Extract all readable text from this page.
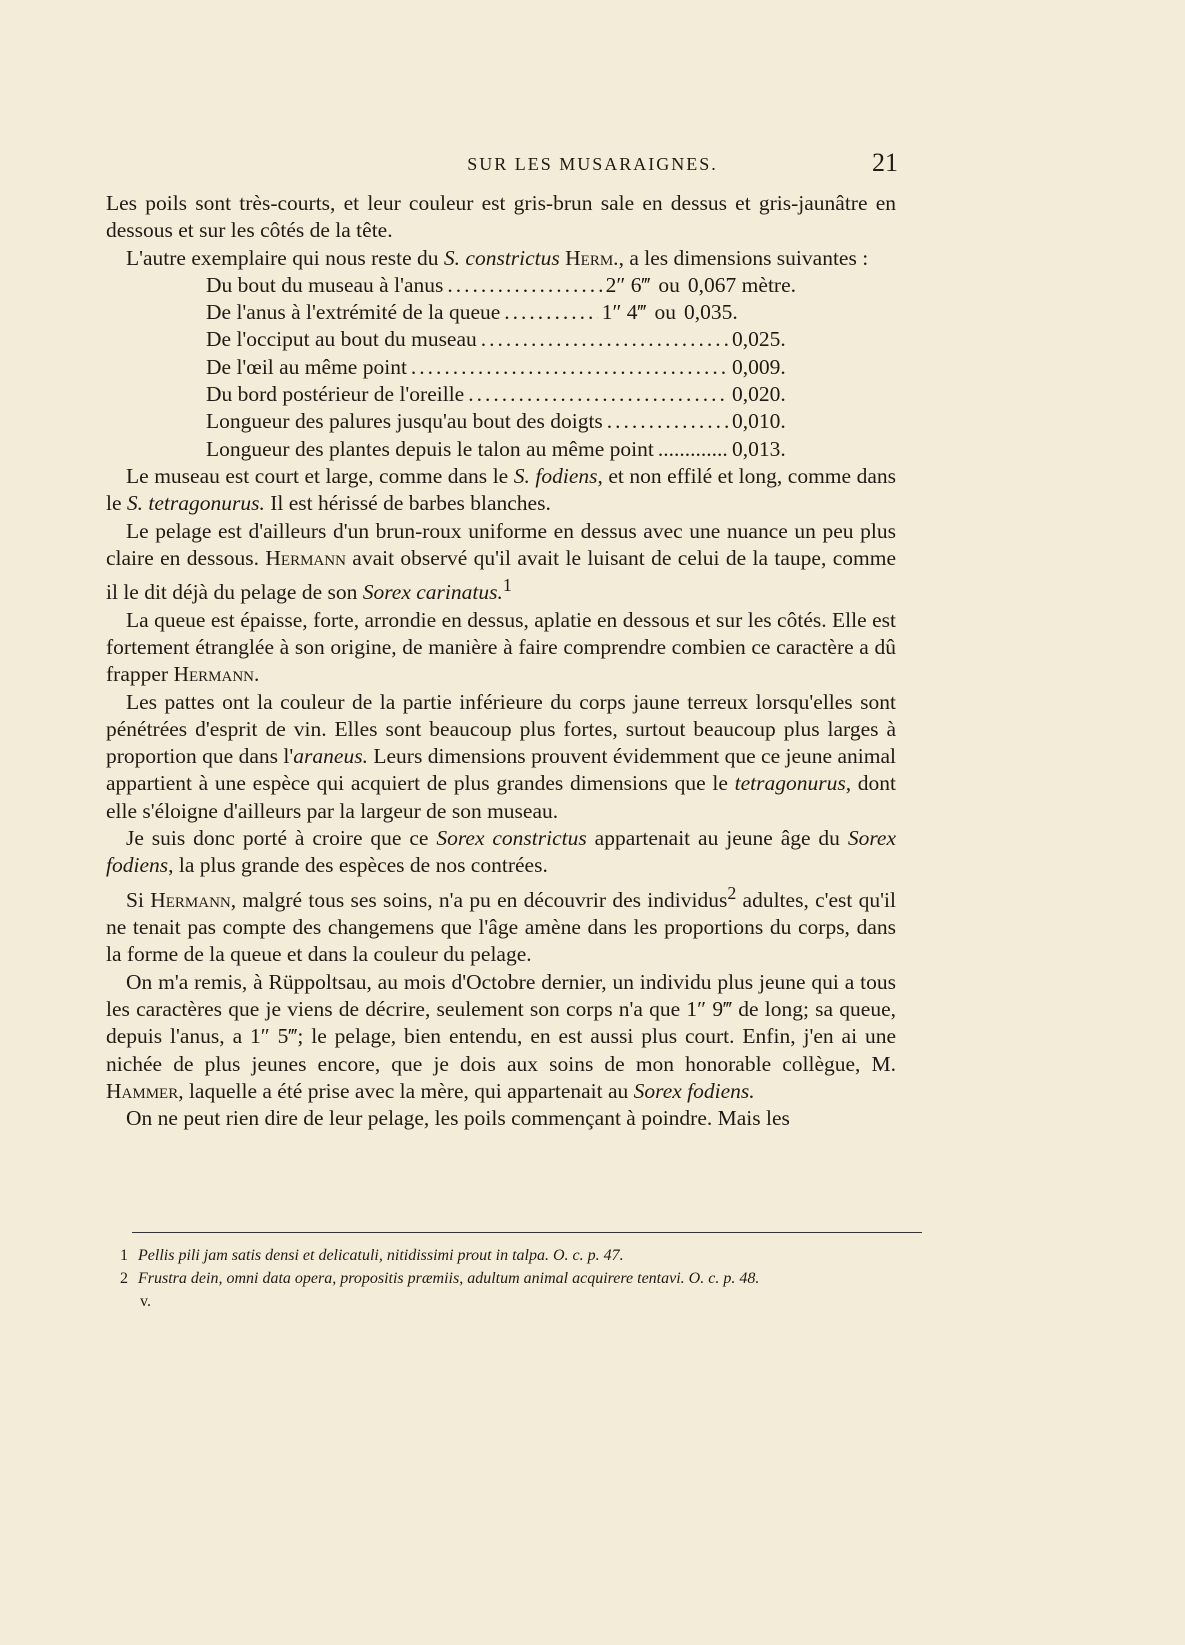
SUR LES MUSARAIGNES.	21

Les poils sont très-courts, et leur couleur est gris-brun sale en dessus et gris-jaunâtre en dessous et sur les côtés de la tête.

L'autre exemplaire qui nous reste du S. constrictus Herm., a les dimensions suivantes :

Du bout du museau à l'anus .....	2″ 6‴ ou 0,067 mètre.
De l'anus à l'extrémité de la queue .....	1″ 4‴ ou 0,035.
De l'occiput au bout du museau .....	0,025.
De l'œil au même point .....	0,009.
Du bord postérieur de l'oreille .....	0,020.
Longueur des palures jusqu'au bout des doigts .....	0,010.
Longueur des plantes depuis le talon au même point .....	0,013.

Le museau est court et large, comme dans le S. fodiens, et non effilé et long, comme dans le S. tetragonurus. Il est hérissé de barbes blanches.

Le pelage est d'ailleurs d'un brun-roux uniforme en dessus avec une nuance un peu plus claire en dessous. Hermann avait observé qu'il avait le luisant de celui de la taupe, comme il le dit déjà du pelage de son Sorex carinatus.$^1$

La queue est épaisse, forte, arrondie en dessus, aplatie en dessous et sur les côtés. Elle est fortement étranglée à son origine, de manière à faire comprendre combien ce caractère a dû frapper Hermann.

Les pattes ont la couleur de la partie inférieure du corps jaune terreux lorsqu'elles sont pénétrées d'esprit de vin. Elles sont beaucoup plus fortes, surtout beaucoup plus larges à proportion que dans l'araneus. Leurs dimensions prouvent évidemment que ce jeune animal appartient à une espèce qui acquiert de plus grandes dimensions que le tetragonurus, dont elle s'éloigne d'ailleurs par la largeur de son museau.

Je suis donc porté à croire que ce Sorex constrictus appartenait au jeune âge du Sorex fodiens, la plus grande des espèces de nos contrées.

Si Hermann, malgré tous ses soins, n'a pu en découvrir des individus$^2$ adultes, c'est qu'il ne tenait pas compte des changemens que l'âge amène dans les proportions du corps, dans la forme de la queue et dans la couleur du pelage.

On m'a remis, à Rüppoltsau, au mois d'Octobre dernier, un individu plus jeune qui a tous les caractères que je viens de décrire, seulement son corps n'a que 1″ 9‴ de long; sa queue, depuis l'anus, a 1″ 5‴; le pelage, bien entendu, en est aussi plus court. Enfin, j'en ai une nichée de plus jeunes encore, que je dois aux soins de mon honorable collègue, M. Hammer, laquelle a été prise avec la mère, qui appartenait au Sorex fodiens.

On ne peut rien dire de leur pelage, les poils commençant à poindre. Mais les

1 Pellis pili jam satis densi et delicatuli, nitidissimi prout in talpa. O. c. p. 47.
2 Frustra dein, omni data opera, propositis præmiis, adultum animal acquirere tentavi. O. c. p. 48.
v.
